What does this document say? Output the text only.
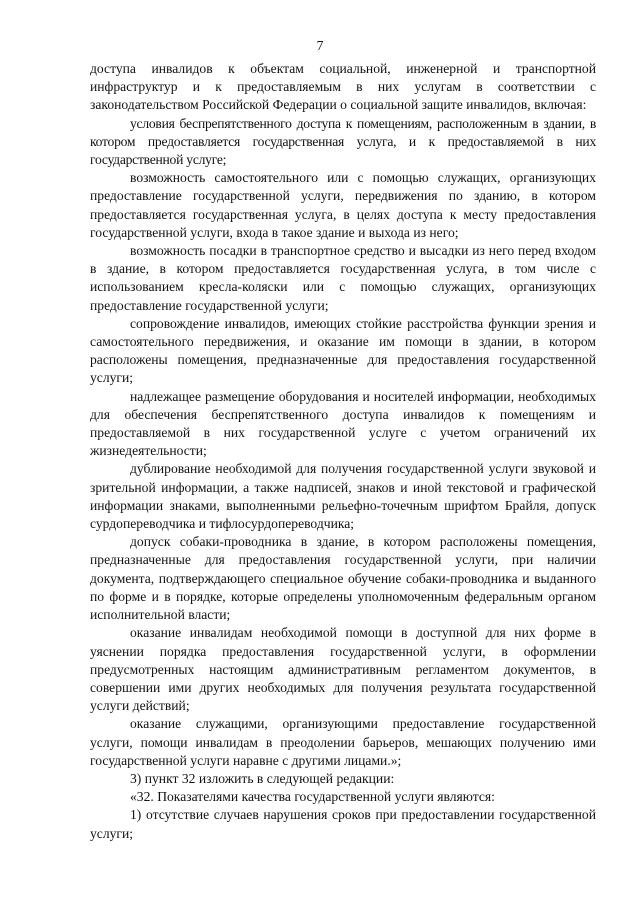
7

доступа инвалидов к объектам социальной, инженерной и транспортной инфраструктур и к предоставляемым в них услугам в соответствии с законодательством Российской Федерации о социальной защите инвалидов, включая:

условия беспрепятственного доступа к помещениям, расположенным в здании, в котором предоставляется государственная услуга, и к предоставляемой в них государственной услуге;

возможность самостоятельного или с помощью служащих, организующих предоставление государственной услуги, передвижения по зданию, в котором предоставляется государственная услуга, в целях доступа к месту предоставления государственной услуги, входа в такое здание и выхода из него;

возможность посадки в транспортное средство и высадки из него перед входом в здание, в котором предоставляется государственная услуга, в том числе с использованием кресла-коляски или с помощью служащих, организующих предоставление государственной услуги;

сопровождение инвалидов, имеющих стойкие расстройства функции зрения и самостоятельного передвижения, и оказание им помощи в здании, в котором расположены помещения, предназначенные для предоставления государственной услуги;

надлежащее размещение оборудования и носителей информации, необходимых для обеспечения беспрепятственного доступа инвалидов к помещениям и предоставляемой в них государственной услуге с учетом ограничений их жизнедеятельности;

дублирование необходимой для получения государственной услуги звуковой и зрительной информации, а также надписей, знаков и иной текстовой и графической информации знаками, выполненными рельефно-точечным шрифтом Брайля, допуск сурдопереводчика и тифлосурдопереводчика;

допуск собаки-проводника в здание, в котором расположены помещения, предназначенные для предоставления государственной услуги, при наличии документа, подтверждающего специальное обучение собаки-проводника и выданного по форме и в порядке, которые определены уполномоченным федеральным органом исполнительной власти;

оказание инвалидам необходимой помощи в доступной для них форме в уяснении порядка предоставления государственной услуги, в оформлении предусмотренных настоящим административным регламентом документов, в совершении ими других необходимых для получения результата государственной услуги действий;

оказание служащими, организующими предоставление государственной услуги, помощи инвалидам в преодолении барьеров, мешающих получению ими государственной услуги наравне с другими лицами.»;

3) пункт 32 изложить в следующей редакции:

«32. Показателями качества государственной услуги являются:

1) отсутствие случаев нарушения сроков при предоставлении государственной услуги;
